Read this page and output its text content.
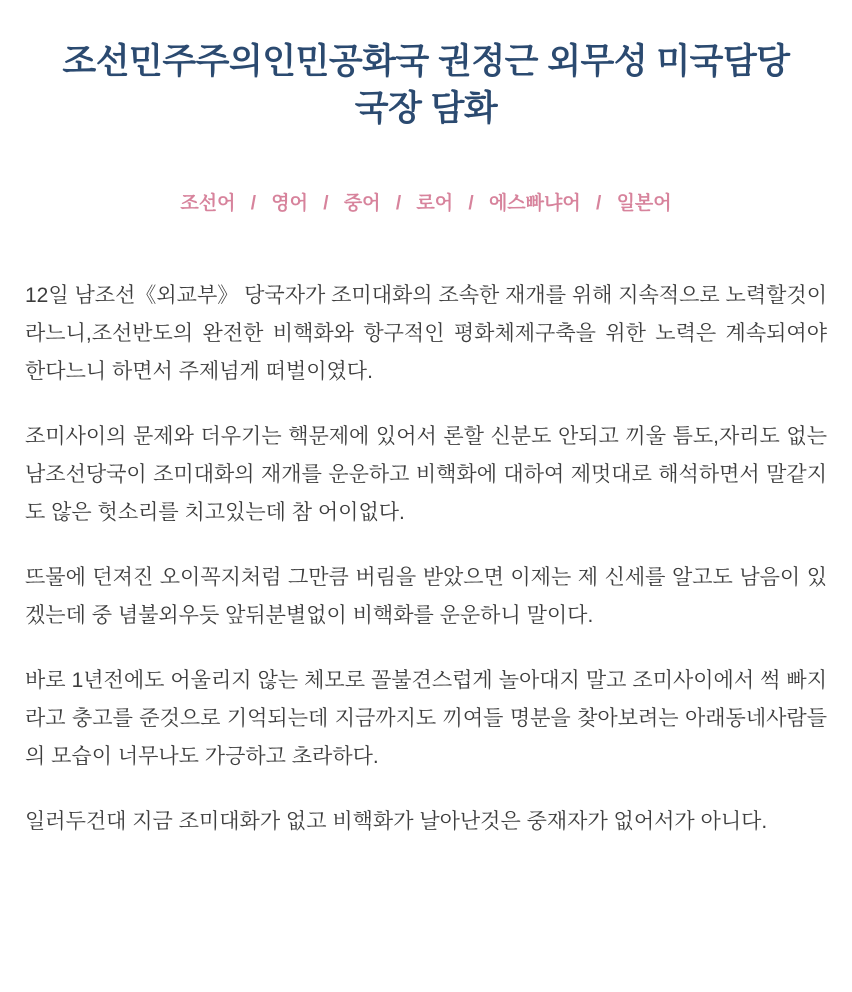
조선민주주의인민공화국 권정근 외무성 미국담당 국장 담화
조선어 / 영어 / 중어 / 로어 / 에스빠냐어 / 일본어

12일 남조선《외교부》 당국자가 조미대화의 조속한 재개를 위해 지속적으로 노력할것이라느니,조선반도의 완전한 비핵화와 항구적인 평화체제구축을 위한 노력은 계속되여야 한다느니 하면서 주제넘게 떠벌이였다.

조미사이의 문제와 더우기는 핵문제에 있어서 론할 신분도 안되고 끼울 틈도,자리도 없는 남조선당국이 조미대화의 재개를 운운하고 비핵화에 대하여 제멋대로 해석하면서 말같지도 않은 헛소리를 치고있는데 참 어이없다.

뜨물에 던져진 오이꼭지처럼 그만큼 버림을 받았으면 이제는 제 신세를 알고도 남음이 있겠는데 중 념불외우듯 앞뒤분별없이 비핵화를 운운하니 말이다.

바로 1년전에도 어울리지 않는 체모로 꼴불견스럽게 놀아대지 말고 조미사이에서 썩 빠지라고 충고를 준것으로 기억되는데 지금까지도 끼여들 명분을 찾아보려는 아래동네사람들의 모습이 너무나도 가긍하고 초라하다.

일러두건대 지금 조미대화가 없고 비핵화가 날아난것은 중재자가 없어서가 아니다.
